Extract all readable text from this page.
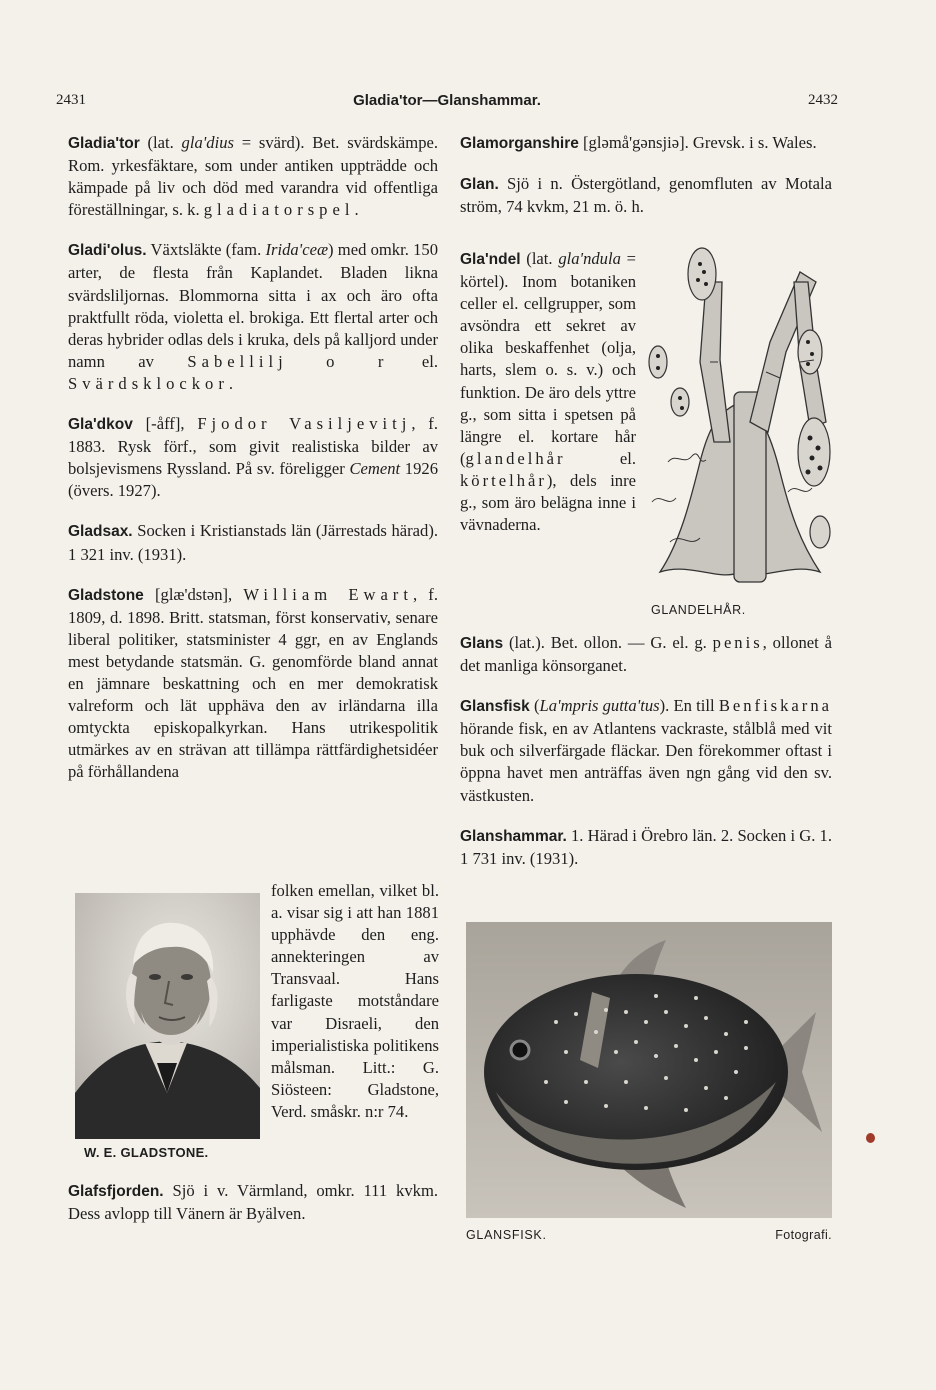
2431	Gladia'tor—Glanshammar.	2432

Gladia'tor (lat. gla'dius = svärd). Bet. svärdskämpe. Rom. yrkesfäktare, som under antiken uppträdde och kämpade på liv och död med varandra vid offentliga föreställningar, s. k. gladiatorspel.

Gladi'olus. Växtsläkte (fam. Irida'ceæ) med omkr. 150 arter, de flesta från Kaplandet. Bladen likna svärdsliljornas. Blommorna sitta i ax och äro ofta praktfullt röda, violetta el. brokiga. Ett flertal arter och deras hybrider odlas dels i kruka, dels på kalljord under namn av Sabellilj o r el. Svärdsklockor.

Gla'dkov [-åff], Fjodor Vasiljevitj, f. 1883. Rysk förf., som givit realistiska bilder av bolsjevismens Ryssland. På sv. föreligger Cement 1926 (övers. 1927).

Gladsax. Socken i Kristianstads län (Järrestads härad). 1 321 inv. (1931).

Gladstone [glæ'dstən], William Ewart, f. 1809, d. 1898. Britt. statsman, först konservativ, senare liberal politiker, statsminister 4 ggr, en av Englands mest betydande statsmän. G. genomförde bland annat en jämnare beskattning och en mer demokratisk valreform och lät upphäva den av irländarna illa omtyckta episkopalkyrkan. Hans utrikespolitik utmärkes av en strävan att tillämpa rättfärdighetsidéer på förhållandena

folken emellan, vilket bl. a. visar sig i att han 1881 upphävde den eng. annekteringen av Transvaal. Hans farligaste motståndare var Disraeli, den imperialistiska politikens målsman. Litt.: G. Siösteen: Gladstone, Verd. småskr. n:r 74.

W. E. GLADSTONE.

Glafsfjorden. Sjö i v. Värmland, omkr. 111 kvkm. Dess avlopp till Vänern är Byälven.

Glamorganshire [gləmå'gənsjiə]. Grevsk. i s. Wales.

Glan. Sjö i n. Östergötland, genomfluten av Motala ström, 74 kvkm, 21 m. ö. h.

Gla'ndel (lat. gla'ndula = körtel). Inom botaniken celler el. cellgrupper, som avsöndra ett sekret av olika beskaffenhet (olja, harts, slem o. s. v.) och funktion. De äro dels yttre g., som sitta i spetsen på längre el. kortare hår (glandelhår el. körtelhår), dels inre g., som äro belägna inne i vävnaderna.

GLANDELHÅR.

Glans (lat.). Bet. ollon. — G. el. g. penis, ollonet å det manliga könsorganet.

Glansfisk (La'mpris gutta'tus). En till Benfiskarna hörande fisk, en av Atlantens vackraste, stålblå med vit buk och silverfärgade fläckar. Den förekommer oftast i öppna havet men anträffas även ngn gång vid den sv. västkusten.

Glanshammar. 1. Härad i Örebro län. 2. Socken i G. 1. 1 731 inv. (1931).

GLANSFISK.	Fotografi.
